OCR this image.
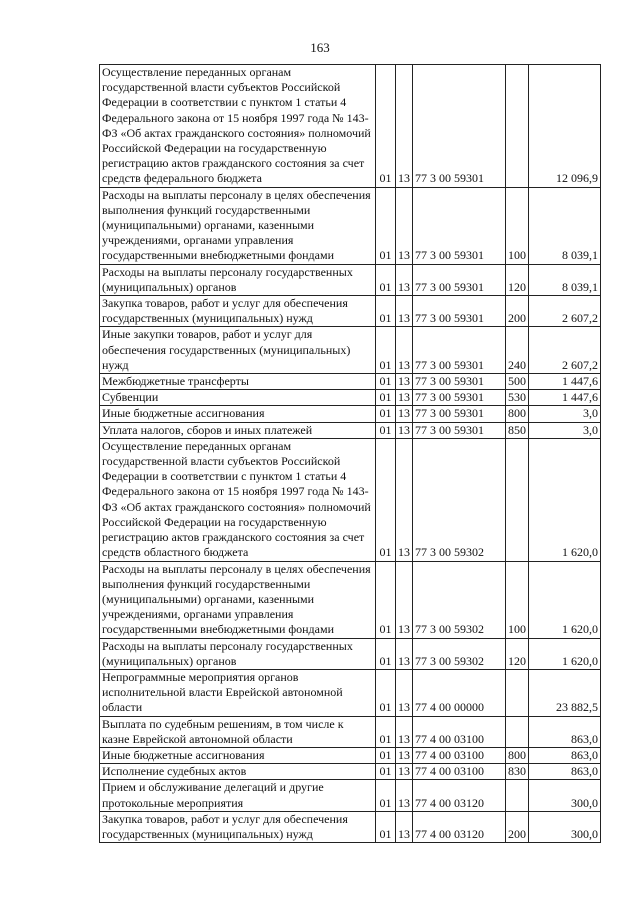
163
Осуществление переданных органам государственной власти субъектов Российской Федерации в соответствии с пунктом 1 статьи 4 Федерального закона от 15 ноября 1997 года № 143-ФЗ «Об актах гражданского состояния» полномочий Российской Федерации на государственную регистрацию актов гражданского состояния за счет средств федерального бюджета	01	13	77 3 00 59301		12 096,9
Расходы на выплаты персоналу в целях обеспечения выполнения функций государственными (муниципальными) органами, казенными учреждениями, органами управления государственными внебюджетными фондами	01	13	77 3 00 59301	100	8 039,1
Расходы на выплаты персоналу государственных (муниципальных) органов	01	13	77 3 00 59301	120	8 039,1
Закупка товаров, работ и услуг для обеспечения государственных (муниципальных) нужд	01	13	77 3 00 59301	200	2 607,2
Иные закупки товаров, работ и услуг для обеспечения государственных (муниципальных) нужд	01	13	77 3 00 59301	240	2 607,2
Межбюджетные трансферты	01	13	77 3 00 59301	500	1 447,6
Субвенции	01	13	77 3 00 59301	530	1 447,6
Иные бюджетные ассигнования	01	13	77 3 00 59301	800	3,0
Уплата налогов, сборов и иных платежей	01	13	77 3 00 59301	850	3,0
Осуществление переданных органам государственной власти субъектов Российской Федерации в соответствии с пунктом 1 статьи 4 Федерального закона от 15 ноября 1997 года № 143-ФЗ «Об актах гражданского состояния» полномочий Российской Федерации на государственную регистрацию актов гражданского состояния за счет средств областного бюджета	01	13	77 3 00 59302		1 620,0
Расходы на выплаты персоналу в целях обеспечения выполнения функций государственными (муниципальными) органами, казенными учреждениями, органами управления государственными внебюджетными фондами	01	13	77 3 00 59302	100	1 620,0
Расходы на выплаты персоналу государственных (муниципальных) органов	01	13	77 3 00 59302	120	1 620,0
Непрограммные мероприятия органов исполнительной власти Еврейской автономной области	01	13	77 4 00 00000		23 882,5
Выплата по судебным решениям, в том числе к казне Еврейской автономной области	01	13	77 4 00 03100		863,0
Иные бюджетные ассигнования	01	13	77 4 00 03100	800	863,0
Исполнение судебных актов	01	13	77 4 00 03100	830	863,0
Прием и обслуживание делегаций и другие протокольные мероприятия	01	13	77 4 00 03120		300,0
Закупка товаров, работ и услуг для обеспечения государственных (муниципальных) нужд	01	13	77 4 00 03120	200	300,0
